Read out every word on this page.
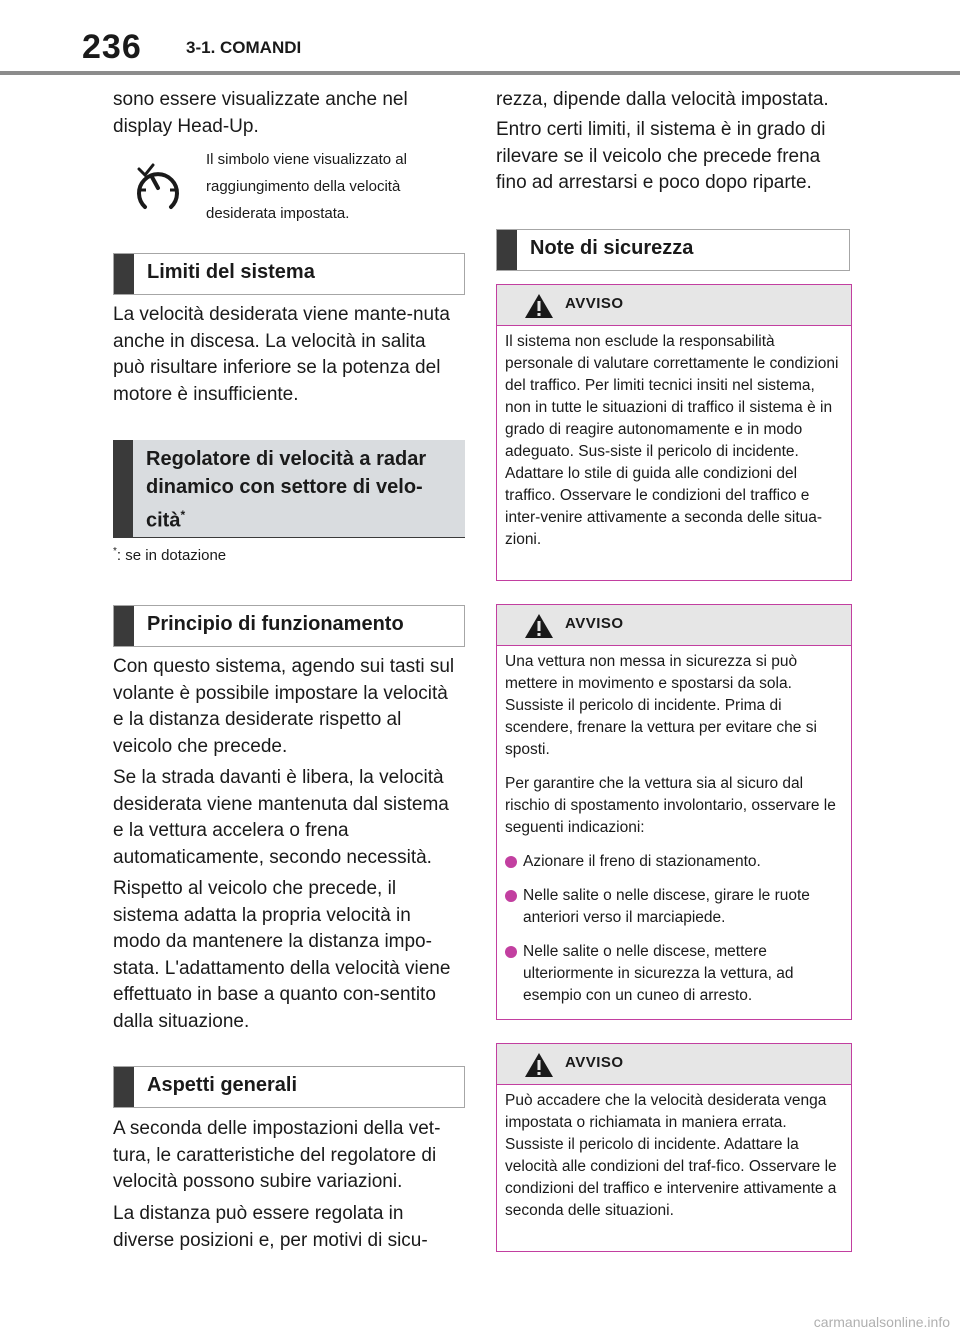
236	3-1. COMANDI

sono essere visualizzate anche nel display Head-Up.

Il simbolo viene visualizzato al raggiungimento della velocità desiderata impostata.
Limiti del sistema

La velocità desiderata viene mante-nuta anche in discesa. La velocità in salita può risultare inferiore se la potenza del motore è insufficiente.

Regolatore di velocità a radar dinamico con settore di velo-cità*
*: se in dotazione
Principio di funzionamento

Con questo sistema, agendo sui tasti sul volante è possibile impostare la velocità e la distanza desiderate rispetto al veicolo che precede.

Se la strada davanti è libera, la velocità desiderata viene mantenuta dal sistema e la vettura accelera o frena automaticamente, secondo necessità.

Rispetto al veicolo che precede, il sistema adatta la propria velocità in modo da mantenere la distanza impo-stata. L'adattamento della velocità viene effettuato in base a quanto con-sentito dalla situazione.

Aspetti generali

A seconda delle impostazioni della vet-tura, le caratteristiche del regolatore di velocità possono subire variazioni.

La distanza può essere regolata in diverse posizioni e, per motivi di sicu-

rezza, dipende dalla velocità impostata.

Entro certi limiti, il sistema è in grado di rilevare se il veicolo che precede frena fino ad arrestarsi e poco dopo riparte.

Note di sicurezza
AVVISO

Il sistema non esclude la responsabilità personale di valutare correttamente le condizioni del traffico. Per limiti tecnici insiti nel sistema, non in tutte le situazioni di traffico il sistema è in grado di reagire autonomamente e in modo adeguato. Sus-siste il pericolo di incidente. Adattare lo stile di guida alle condizioni del traffico. Osservare le condizioni del traffico e inter-venire attivamente a seconda delle situa-zioni.

AVVISO

Una vettura non messa in sicurezza si può mettere in movimento e spostarsi da sola. Sussiste il pericolo di incidente. Prima di scendere, frenare la vettura per evitare che si sposti.

Per garantire che la vettura sia al sicuro dal rischio di spostamento involontario, osservare le seguenti indicazioni:

Azionare il freno di stazionamento.

Nelle salite o nelle discese, girare le ruote anteriori verso il marciapiede.

Nelle salite o nelle discese, mettere ulteriormente in sicurezza la vettura, ad esempio con un cuneo di arresto.

AVVISO

Può accadere che la velocità desiderata venga impostata o richiamata in maniera errata. Sussiste il pericolo di incidente. Adattare la velocità alle condizioni del traf-fico. Osservare le condizioni del traffico e intervenire attivamente a seconda delle situazioni.

carmanualsonline.info
